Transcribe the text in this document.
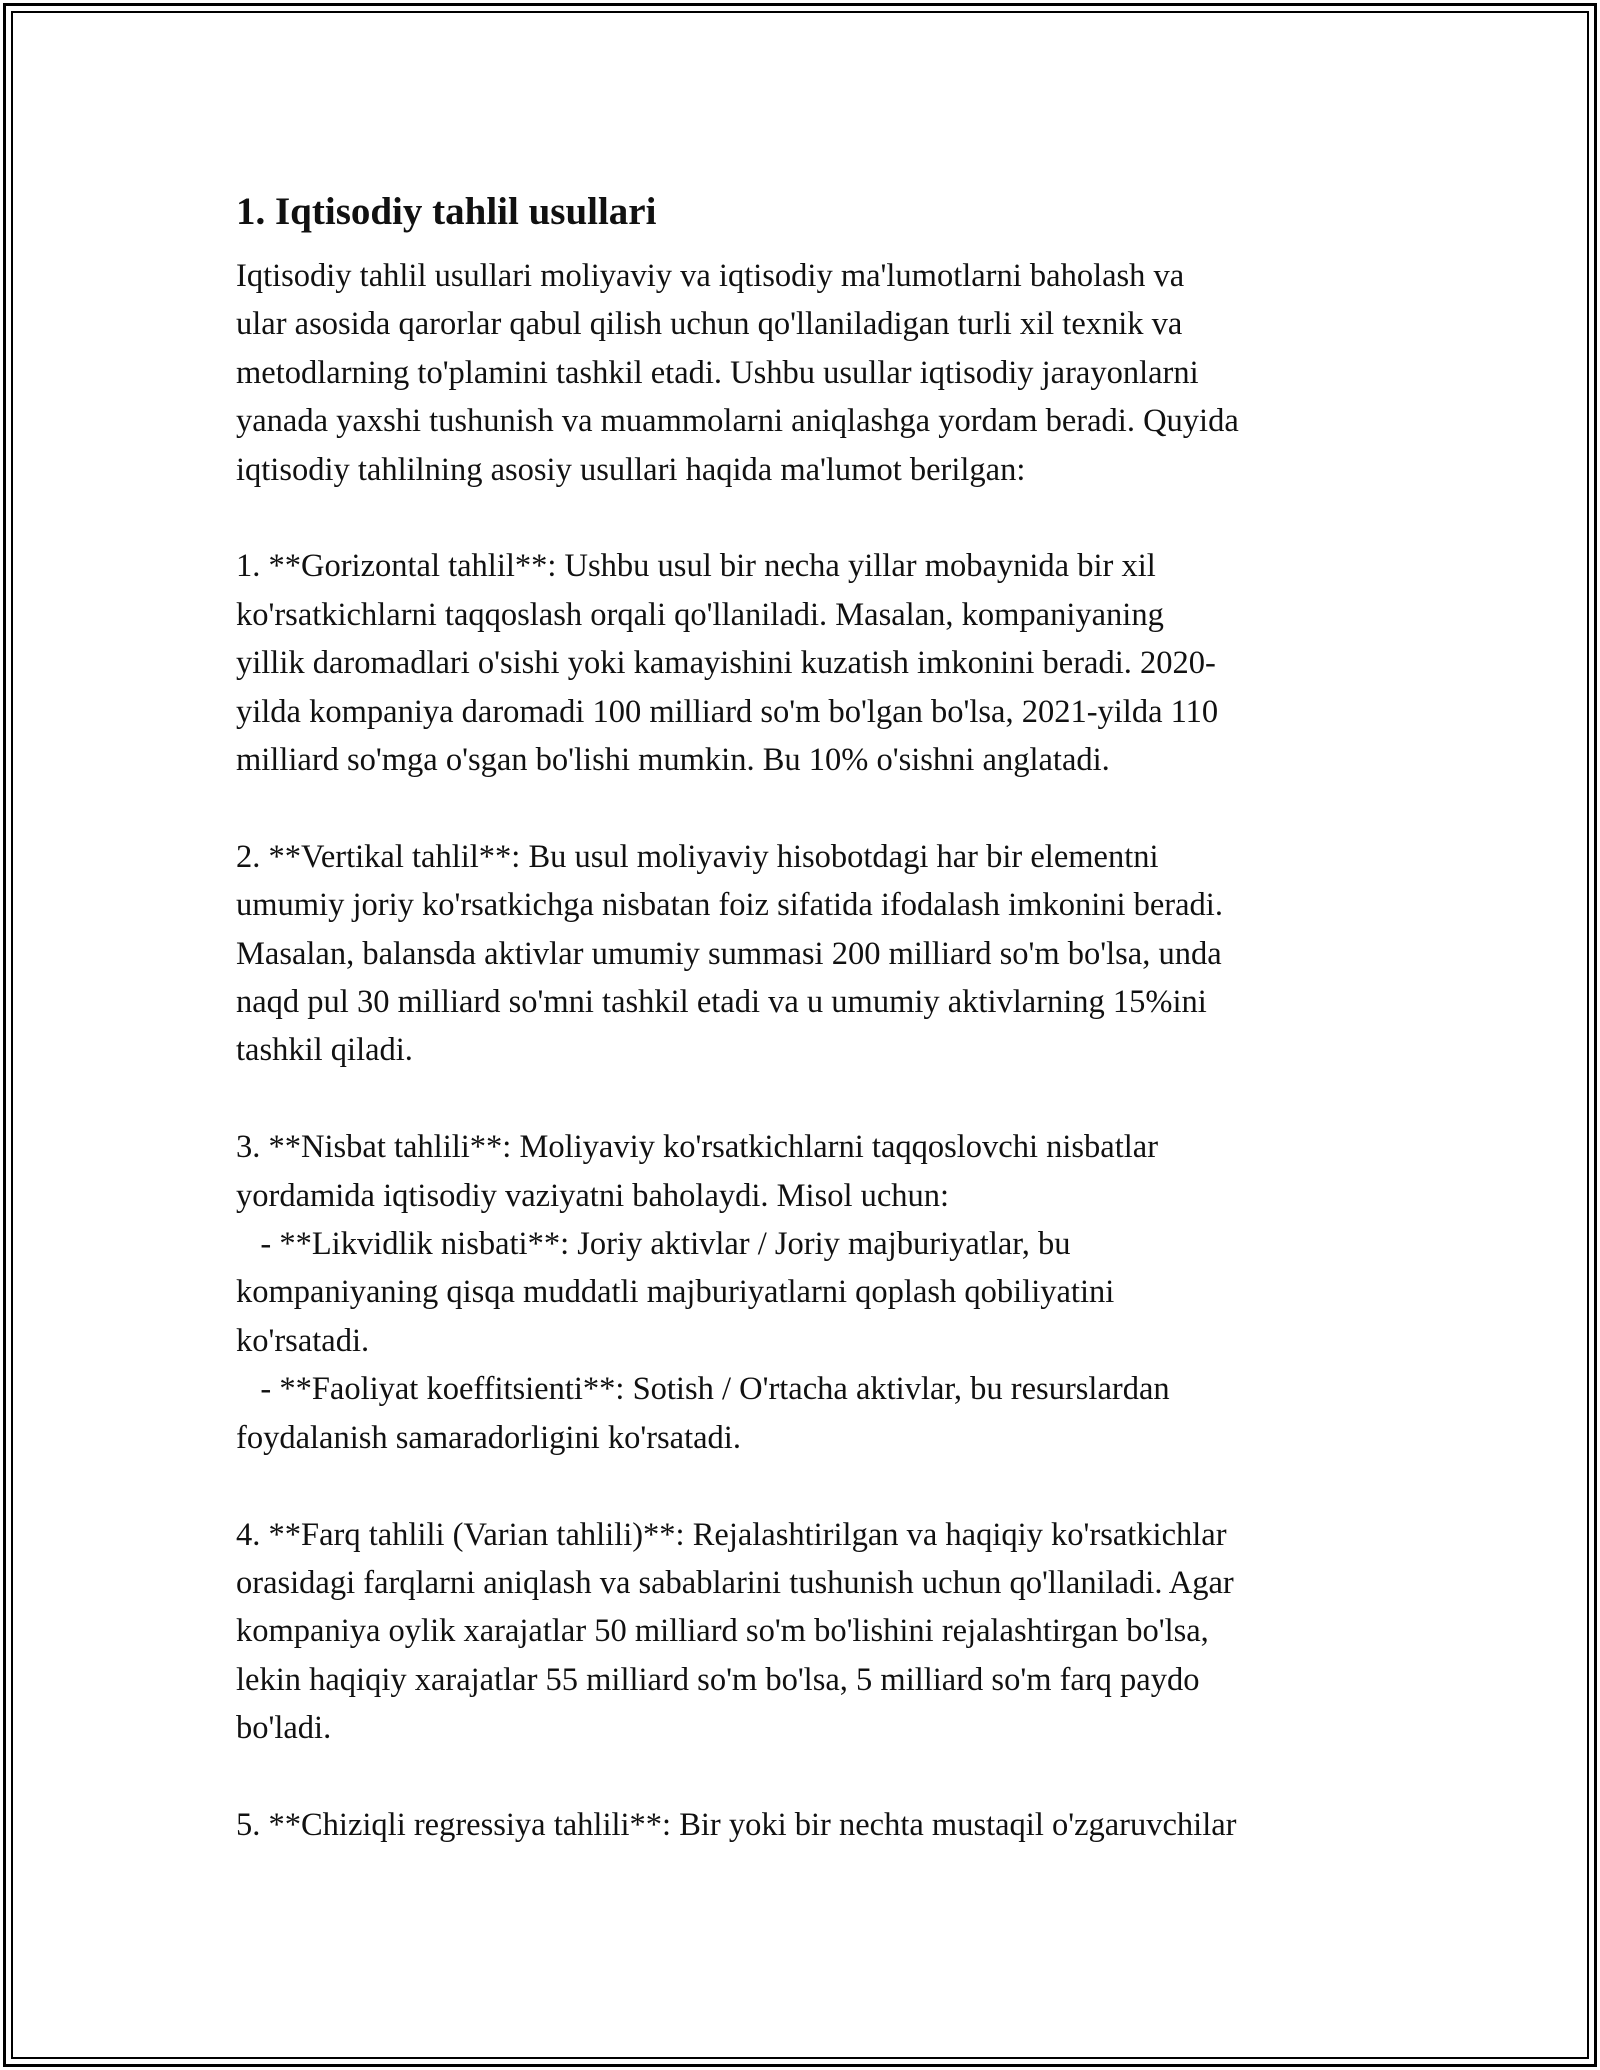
1. Iqtisodiy tahlil usullari

Iqtisodiy tahlil usullari moliyaviy va iqtisodiy ma'lumotlarni baholash va

ular asosida qarorlar qabul qilish uchun qo'llaniladigan turli xil texnik va

metodlarning to'plamini tashkil etadi. Ushbu usullar iqtisodiy jarayonlarni

yanada yaxshi tushunish va muammolarni aniqlashga yordam beradi. Quyida

iqtisodiy tahlilning asosiy usullari haqida ma'lumot berilgan:

1. **Gorizontal tahlil**: Ushbu usul bir necha yillar mobaynida bir xil

ko'rsatkichlarni taqqoslash orqali qo'llaniladi. Masalan, kompaniyaning

yillik daromadlari o'sishi yoki kamayishini kuzatish imkonini beradi. 2020-

yilda kompaniya daromadi 100 milliard so'm bo'lgan bo'lsa, 2021-yilda 110

milliard so'mga o'sgan bo'lishi mumkin. Bu 10% o'sishni anglatadi.

2. **Vertikal tahlil**: Bu usul moliyaviy hisobotdagi har bir elementni

umumiy joriy ko'rsatkichga nisbatan foiz sifatida ifodalash imkonini beradi.

Masalan, balansda aktivlar umumiy summasi 200 milliard so'm bo'lsa, unda

naqd pul 30 milliard so'mni tashkil etadi va u umumiy aktivlarning 15%ini

tashkil qiladi.

3. **Nisbat tahlili**: Moliyaviy ko'rsatkichlarni taqqoslovchi nisbatlar

yordamida iqtisodiy vaziyatni baholaydi. Misol uchun:

- **Likvidlik nisbati**: Joriy aktivlar / Joriy majburiyatlar, bu

kompaniyaning qisqa muddatli majburiyatlarni qoplash qobiliyatini

ko'rsatadi.

- **Faoliyat koeffitsienti**: Sotish / O'rtacha aktivlar, bu resurslardan

foydalanish samaradorligini ko'rsatadi.

4. **Farq tahlili (Varian tahlili)**: Rejalashtirilgan va haqiqiy ko'rsatkichlar

orasidagi farqlarni aniqlash va sabablarini tushunish uchun qo'llaniladi. Agar

kompaniya oylik xarajatlar 50 milliard so'm bo'lishini rejalashtirgan bo'lsa,

lekin haqiqiy xarajatlar 55 milliard so'm bo'lsa, 5 milliard so'm farq paydo

bo'ladi.

5. **Chiziqli regressiya tahlili**: Bir yoki bir nechta mustaqil o'zgaruvchilar
